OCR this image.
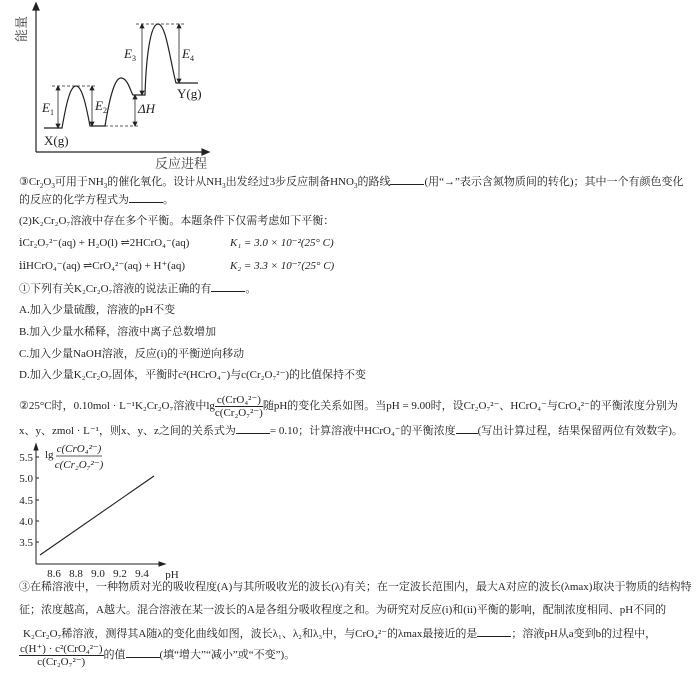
$E_1$	$E_2$
$E_3$	$E_4$
ΔH
X(g)
Y(g)
反应进程
能量
$③Cr_2O_3$可用于$NH_3$的催化氧化。设计从$NH_3$出发经过3步反应制备$HNO_3$的路线	(用“→”表示含氮物质间的转化)；其中一个有颜色变化
的反应的化学方程式为	。
(2)K₂Cr₂O₇溶液中存在多个平衡。本题条件下仅需考虑如下平衡：
ⅰCr₂O₇²⁻(aq) + H₂O(l) ⇌2HCrO₄⁻(aq)	K₁ = 3.0 × 10⁻²(25° C)
ⅱHCrO₄⁻(aq) ⇌CrO₄²⁻(aq) + H⁺(aq)	K₂ = 3.3 × 10⁻⁷(25° C)
①下列有关K₂Cr₂O₇溶液的说法正确的有	。
A.加入少量硫酸，溶液的pH不变
B.加入少量水稀释，溶液中离子总数增加
C.加入少量NaOH溶液，反应(i)的平衡逆向移动
D.加入少量K₂Cr₂O₇固体，平衡时c²(HCrO₄⁻)与c(Cr₂O₇²⁻)的比值保持不变
②25°C时，0.10mol · L⁻¹K₂Cr₂O₇溶液中$\lg \frac{\text{c(CrO₄²⁻)}}{\text{c(Cr₂O₇²⁻)}}$ 随pH的变化关系如图。当pH = 9.00时，设Cr₂O₇²⁻、HCrO₄⁻与CrO₄²⁻的平衡浓度分别为
x、y、zmol · L⁻¹，则x、y、z之间的关系式为	= 0.10；计算溶液中HCrO₄⁻的平衡浓度 (写出计算过程，结果保留两位有效数字)。
3.5
4.0
4.5
5.0
5.5
8.6 8.8 9.0 9.2 9.4 pH
lg c(CrO₄²⁻)
c(Cr₂O₇²⁻)
③在稀溶液中，一种物质对光的吸收程度(A)与其所吸收光的波长(λ)有关；在一定波长范围内，最大A对应的波长(λmax)取决于物质的结构特
征；浓度越高，A越大。混合溶液在某一波长的A是各组分吸收程度之和。为研究对反应(i)和(ii)平衡的影响，配制浓度相同、pH不同的
K₂Cr₂O₇稀溶液，测得其A随λ的变化曲线如图，波长λ₁、λ₂和λ₃中，与CrO₄²⁻的λmax最接近的是	；溶液pH从a变到b的过程中，
$\frac{\text{c(H⁺) · c²(CrO₄²⁻)}}{\text{c(Cr₂O₇²⁻)}}$ 的值	(填“增大”“减小”或“不变”)。
